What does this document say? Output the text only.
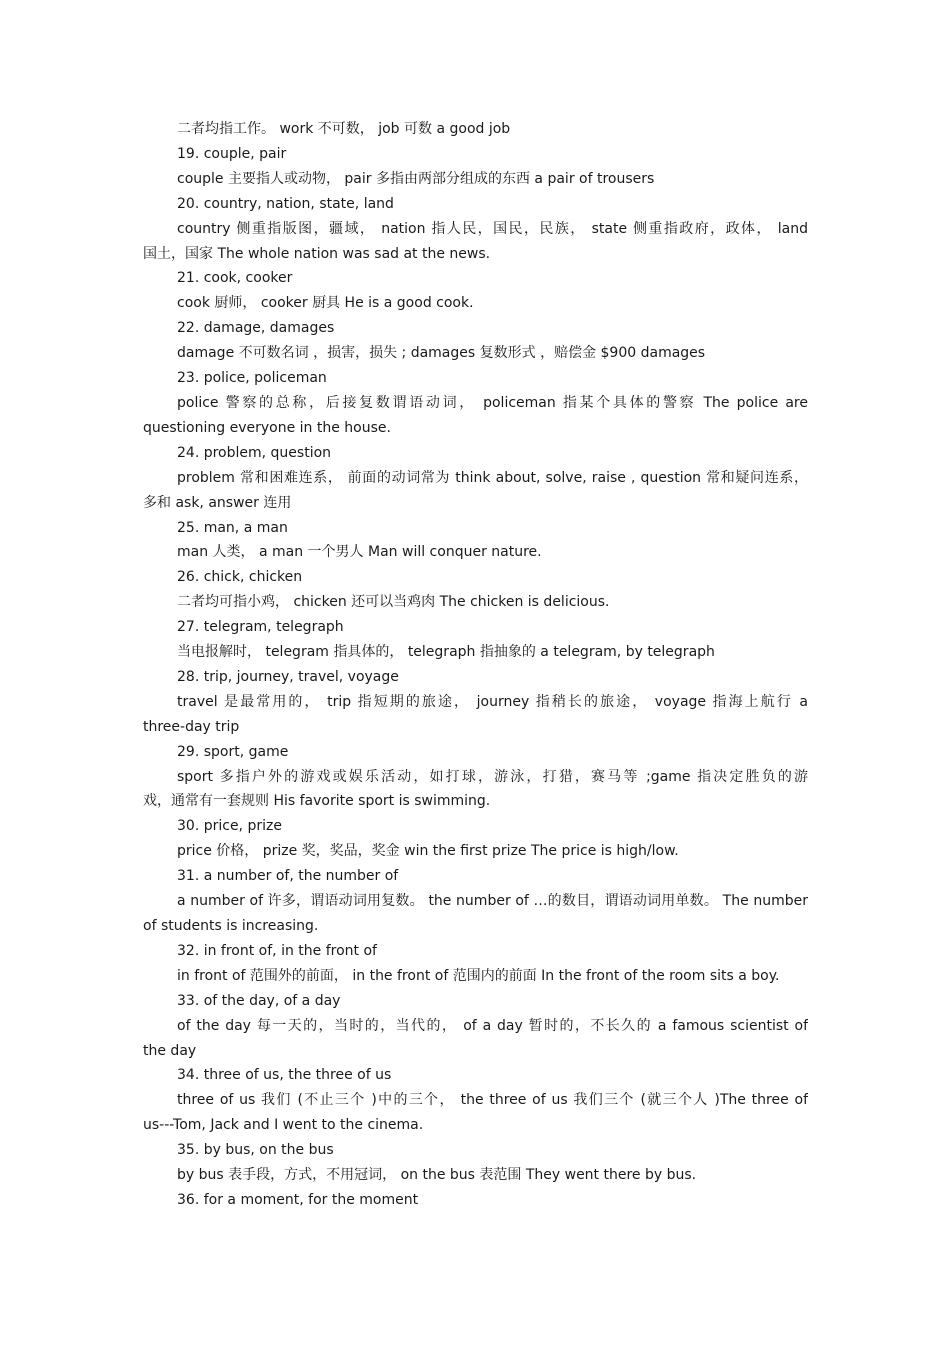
二者均指工作。 work 不可数， job 可数 a good job
19. couple, pair
couple 主要指人或动物， pair 多指由两部分组成的东西 a pair of trousers
20. country, nation, state, land
country 侧重指版图，疆域， nation 指人民，国民，民族， state 侧重指政府，政体， land
国土，国家 The whole nation was sad at the news.
21. cook, cooker
cook 厨师， cooker 厨具 He is a good cook.
22. damage, damages
damage 不可数名词 ，损害，损失 ; damages 复数形式 ，赔偿金 $900 damages
23. police, policeman
police 警察的总称，后接复数谓语动词， policeman 指某个具体的警察 The police are
questioning everyone in the house.
24. problem, question
problem 常和困难连系， 前面的动词常为 think about, solve, raise , question 常和疑问连系，
多和 ask, answer 连用
25. man, a man
man 人类， a man 一个男人 Man will conquer nature.
26. chick, chicken
二者均可指小鸡， chicken 还可以当鸡肉 The chicken is delicious.
27. telegram, telegraph
当电报解时， telegram 指具体的， telegraph 指抽象的 a telegram, by telegraph
28. trip, journey, travel, voyage
travel 是最常用的， trip 指短期的旅途， journey 指稍长的旅途， voyage 指海上航行 a
three-day trip
29. sport, game
sport 多指户外的游戏或娱乐活动，如打球，游泳，打猎，赛马等 ;game 指决定胜负的游
戏，通常有一套规则 His favorite sport is swimming.
30. price, prize
price 价格， prize 奖，奖品，奖金 win the first prize The price is high/low.
31. a number of, the number of
a number of 许多，谓语动词用复数。 the number of …的数目，谓语动词用单数。 The number
of students is increasing.
32. in front of, in the front of
in front of 范围外的前面， in the front of 范围内的前面 In the front of the room sits a boy.
33. of the day, of a day
of the day 每一天的，当时的，当代的， of a day 暂时的，不长久的 a famous scientist of
the day
34. three of us, the three of us
three of us 我们 (不止三个 )中的三个， the three of us 我们三个 (就三个人 )The three of
us---Tom, Jack and I went to the cinema.
35. by bus, on the bus
by bus 表手段，方式，不用冠词， on the bus 表范围 They went there by bus.
36. for a moment, for the moment
